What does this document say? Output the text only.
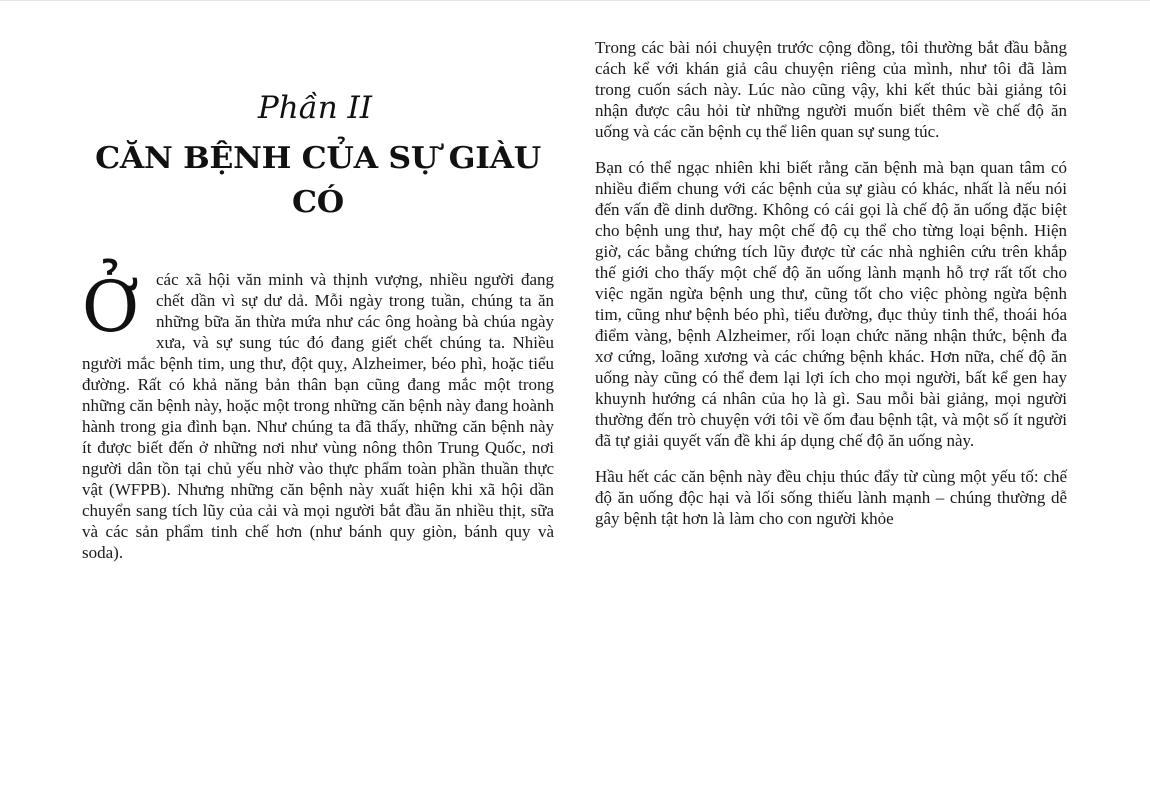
Phần II
CĂN BỆNH CỦA SỰ GIÀU CÓ

Ởcác xã hội văn minh và thịnh vượng, nhiều người đang chết dần vì sự dư dả. Mỗi ngày trong tuần, chúng ta ăn những bữa ăn thừa mứa như các ông hoàng bà chúa ngày xưa, và sự sung túc đó đang giết chết chúng ta. Nhiều người mắc bệnh tim, ung thư, đột quỵ, Alzheimer, béo phì, hoặc tiểu đường. Rất có khả năng bản thân bạn cũng đang mắc một trong những căn bệnh này, hoặc một trong những căn bệnh này đang hoành hành trong gia đình bạn. Như chúng ta đã thấy, những căn bệnh này ít được biết đến ở những nơi như vùng nông thôn Trung Quốc, nơi người dân tồn tại chủ yếu nhờ vào thực phẩm toàn phần thuần thực vật (WFPB). Nhưng những căn bệnh này xuất hiện khi xã hội dần chuyển sang tích lũy của cải và mọi người bắt đầu ăn nhiều thịt, sữa và các sản phẩm tinh chế hơn (như bánh quy giòn, bánh quy và soda).

Trong các bài nói chuyện trước cộng đồng, tôi thường bắt đầu bằng cách kể với khán giả câu chuyện riêng của mình, như tôi đã làm trong cuốn sách này. Lúc nào cũng vậy, khi kết thúc bài giảng tôi nhận được câu hỏi từ những người muốn biết thêm về chế độ ăn uống và các căn bệnh cụ thể liên quan sự sung túc.

Bạn có thể ngạc nhiên khi biết rằng căn bệnh mà bạn quan tâm có nhiều điểm chung với các bệnh của sự giàu có khác, nhất là nếu nói đến vấn đề dinh dưỡng. Không có cái gọi là chế độ ăn uống đặc biệt cho bệnh ung thư, hay một chế độ cụ thể cho từng loại bệnh. Hiện giờ, các bằng chứng tích lũy được từ các nhà nghiên cứu trên khắp thế giới cho thấy một chế độ ăn uống lành mạnh hỗ trợ rất tốt cho việc ngăn ngừa bệnh ung thư, cũng tốt cho việc phòng ngừa bệnh tim, cũng như bệnh béo phì, tiểu đường, đục thủy tinh thể, thoái hóa điểm vàng, bệnh Alzheimer, rối loạn chức năng nhận thức, bệnh đa xơ cứng, loãng xương và các chứng bệnh khác. Hơn nữa, chế độ ăn uống này cũng có thể đem lại lợi ích cho mọi người, bất kể gen hay khuynh hướng cá nhân của họ là gì. Sau mỗi bài giảng, mọi người thường đến trò chuyện với tôi về ốm đau bệnh tật, và một số ít người đã tự giải quyết vấn đề khi áp dụng chế độ ăn uống này.

Hầu hết các căn bệnh này đều chịu thúc đẩy từ cùng một yếu tố: chế độ ăn uống độc hại và lối sống thiếu lành mạnh – chúng thường dễ gây bệnh tật hơn là làm cho con người khỏe
